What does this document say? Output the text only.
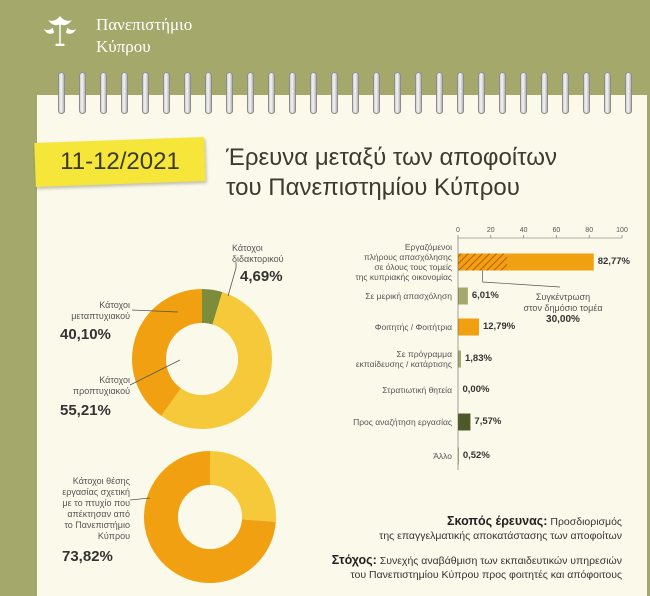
Πανεπιστήμιο
Κύπρου
11-12/2021	Έρευνα μεταξύ των αποφοίτων
του Πανεπιστημίου Κύπρου
Κάτοχοι
διδακτορικού
4,69%
Κάτοχοι
μεταπτυχιακού
40,10%
Κάτοχοι
προπτυχιακού
55,21%
Κάτοχοι θέσης
εργασίας σχετική
με το πτυχίο που
απέκτησαν από
το Πανεπιστήμιο
Κύπρου
73,82%
0	20	40	60	80	100
Εργαζόμενοι
πλήρους απασχόλησης
σε όλους τους τομείς
της κυπριακής οικονομίας
Σε μερική απασχόληση
Φοιτητής / Φοιτήτρια
Σε πρόγραμμα
εκπαίδευσης / κατάρτισης
Στρατιωτική θητεία
Προς αναζήτηση εργασίας
Άλλο
82,77%
6,01%
12,79%
1,83%
0,00%
7,57%
0,52%
Συγκέντρωση
στον δημόσιο τομέα
30,00%
Σκοπός έρευνας: Προσδιορισμός
της επαγγελματικής αποκατάστασης των αποφοίτων
Στόχος: Συνεχής αναβάθμιση των εκπαιδευτικών υπηρεσιών
του Πανεπιστημίου Κύπρου προς φοιτητές και απόφοιτους
